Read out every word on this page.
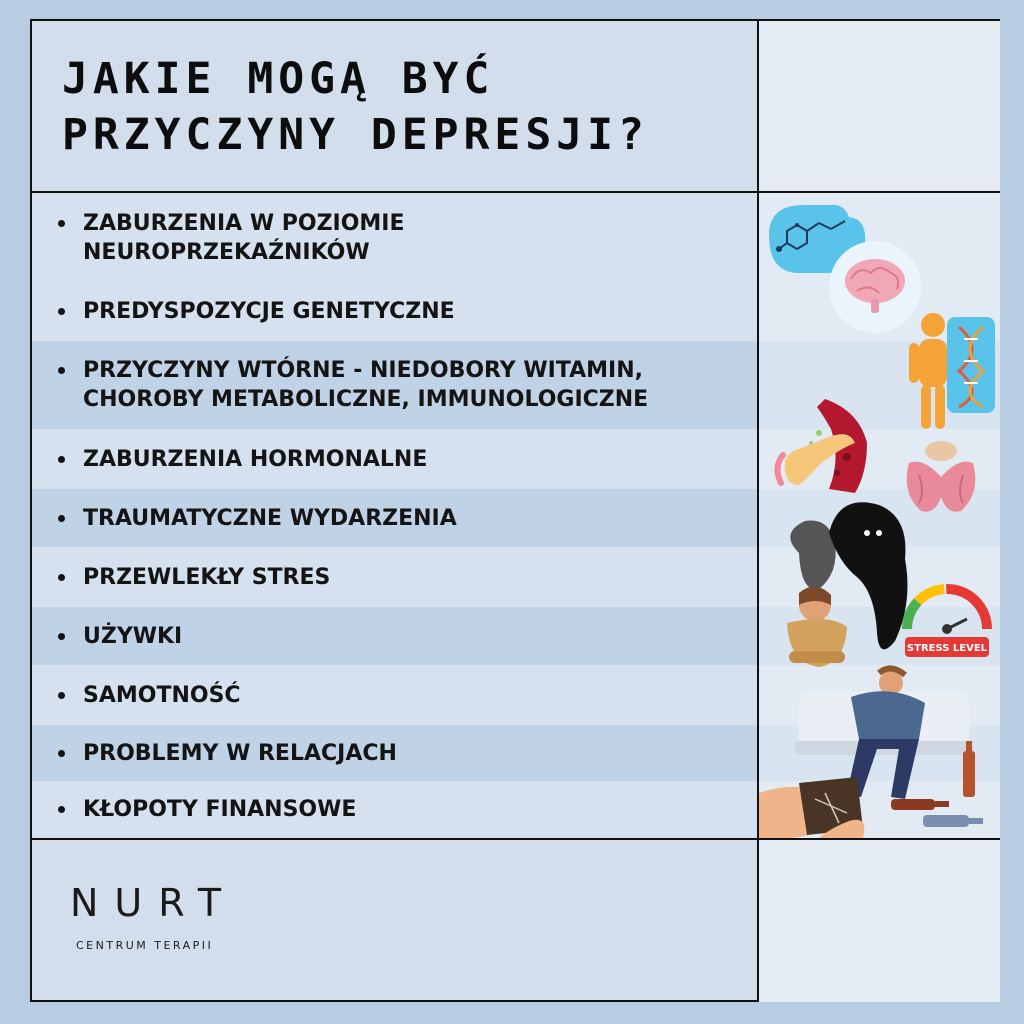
JAKIE MOGĄ BYĆ
PRZYCZYNY DEPRESJI?
ZABURZENIA W POZIOMIE
NEUROPRZEKAŹNIKÓW
PREDYSPOZYCJE GENETYCZNE
PRZYCZYNY WTÓRNE - NIEDOBORY WITAMIN,
CHOROBY METABOLICZNE, IMMUNOLOGICZNE
ZABURZENIA HORMONALNE
TRAUMATYCZNE WYDARZENIA
PRZEWLEKŁY STRES
UŻYWKI
SAMOTNOŚĆ
PROBLEMY W RELACJACH
KŁOPOTY FINANSOWE
STRESS LEVEL
NURT
CENTRUM TERAPII
